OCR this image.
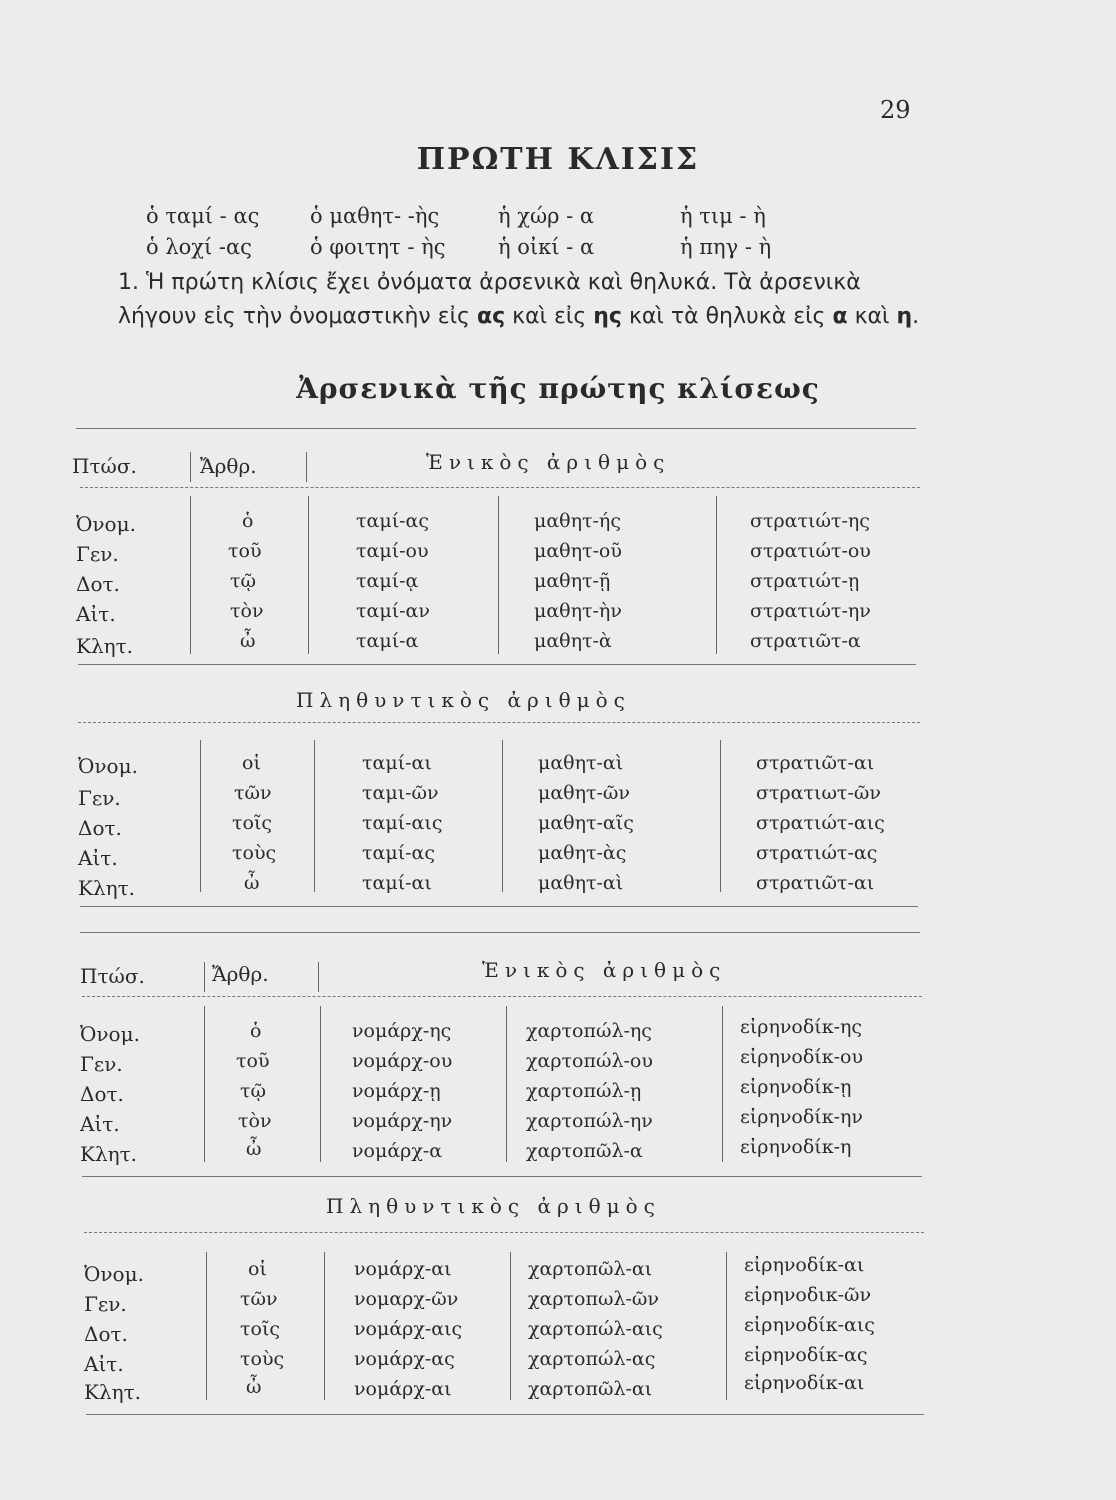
29
ΠΡΩΤΗ ΚΛΙΣΙΣ
ὁ ταμί - ας ὁ μαθητ- -ὴς	ἡ χώρ - α	ἡ τιμ - ὴ
ὁ λοχί -ας	ὁ φοιτητ - ὴς ἡ οἰκί - α	ἡ πηγ - ὴ
1. Ἡ πρώτη κλίσις ἔχει ὀνόματα ἀρσενικὰ καὶ θηλυκά. Τὰ ἀρσενικὰ λήγουν εἰς τὴν ὀνομαστικὴν εἰς ας καὶ εἰς ης καὶ τὰ θηλυκὰ εἰς α καὶ η.
Ἀρσενικὰ τῆς πρώτης κλίσεως
Πτώσ.	Ἄρθρ.	Ἑνικὸς ἀριθμὸς
Ὀνομ.	ὁ	ταμί-ας	μαθητ-ής	στρατιώτ-ης
Γεν.	τοῦ	ταμί-ου	μαθητ-οῦ	στρατιώτ-ου
Δοτ.	τῷ	ταμί-ᾳ	μαθητ-ῇ	στρατιώτ-ῃ
Αἰτ.	τὸν	ταμί-αν	μαθητ-ὴν	στρατιώτ-ην
Κλητ.	ὦ	ταμί-α	μαθητ-ὰ	στρατιῶτ-α
Πληθυντικὸς ἀριθμὸς
Ὀνομ.	οἱ	ταμί-αι	μαθητ-αὶ	στρατιῶτ-αι
Γεν.	τῶν	ταμι-ῶν	μαθητ-ῶν	στρατιωτ-ῶν
Δοτ.	τοῖς	ταμί-αις	μαθητ-αῖς	στρατιώτ-αις
Αἰτ.	τοὺς	ταμί-ας	μαθητ-ὰς	στρατιώτ-ας
Κλητ.	ὦ	ταμί-αι	μαθητ-αὶ	στρατιῶτ-αι
Πτώσ.	Ἄρθρ.	Ἑνικὸς ἀριθμὸς
Ὀνομ.	ὁ	νομάρχ-ης	χαρτοπώλ-ης	εἰρηνοδίκ-ης
Γεν.	τοῦ	νομάρχ-ου	χαρτοπώλ-ου	εἰρηνοδίκ-ου
Δοτ.	τῷ	νομάρχ-ῃ	χαρτοπώλ-ῃ	εἰρηνοδίκ-ῃ
Αἰτ.	τὸν	νομάρχ-ην	χαρτοπώλ-ην	εἰρηνοδίκ-ην
Κλητ.	ὦ	νομάρχ-α	χαρτοπῶλ-α	εἰρηνοδίκ-η
Πληθυντικὸς ἀριθμὸς
Ὀνομ.	οἱ	νομάρχ-αι	χαρτοπῶλ-αι	εἰρηνοδίκ-αι
Γεν.	τῶν	νομαρχ-ῶν	χαρτοπωλ-ῶν	εἰρηνοδικ-ῶν
Δοτ.	τοῖς	νομάρχ-αις	χαρτοπώλ-αις	εἰρηνοδίκ-αις
Αἰτ.	τοὺς	νομάρχ-ας	χαρτοπώλ-ας	εἰρηνοδίκ-ας
Κλητ.	ὦ	νομάρχ-αι	χαρτοπῶλ-αι	εἰρηνοδίκ-αι
